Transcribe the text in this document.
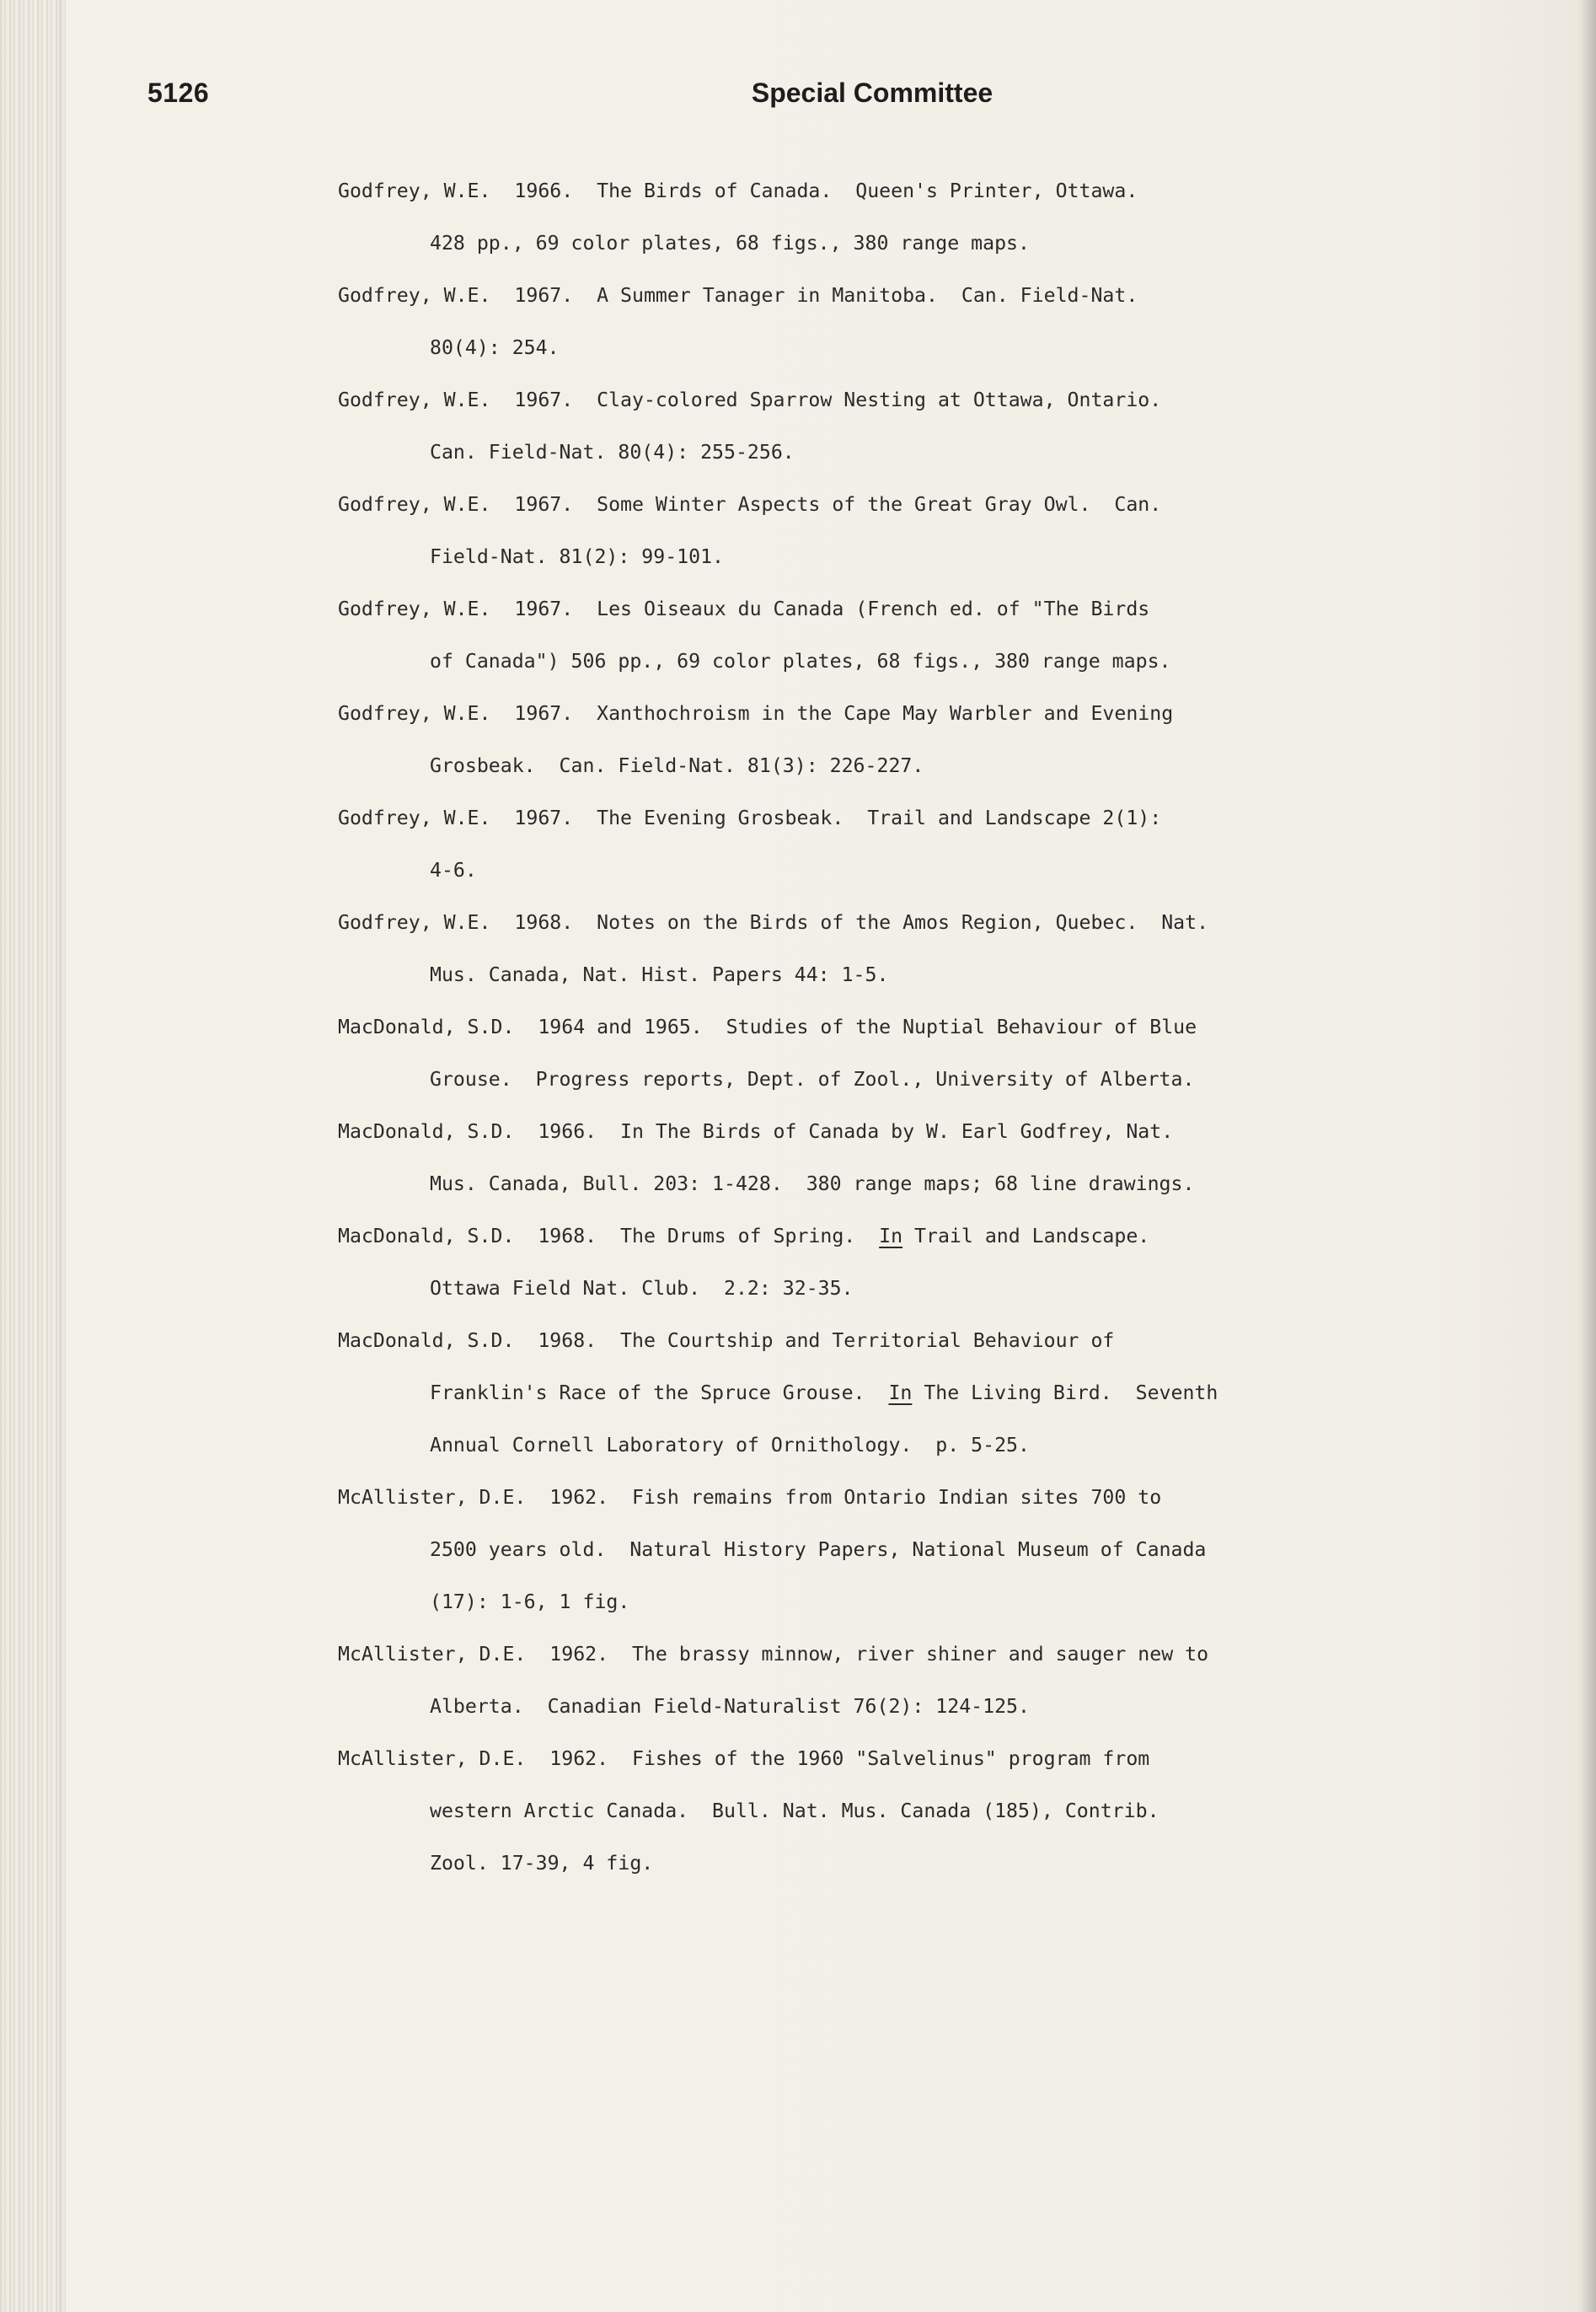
5126	Special Committee
Godfrey, W.E.  1966.  The Birds of Canada.  Queen's Printer, Ottawa.
428 pp., 69 color plates, 68 figs., 380 range maps.
Godfrey, W.E.  1967.  A Summer Tanager in Manitoba.  Can. Field-Nat.
80(4): 254.
Godfrey, W.E.  1967.  Clay-colored Sparrow Nesting at Ottawa, Ontario.
Can. Field-Nat. 80(4): 255-256.
Godfrey, W.E.  1967.  Some Winter Aspects of the Great Gray Owl.  Can.
Field-Nat. 81(2): 99-101.
Godfrey, W.E.  1967.  Les Oiseaux du Canada (French ed. of "The Birds
of Canada") 506 pp., 69 color plates, 68 figs., 380 range maps.
Godfrey, W.E.  1967.  Xanthochroism in the Cape May Warbler and Evening
Grosbeak.  Can. Field-Nat. 81(3): 226-227.
Godfrey, W.E.  1967.  The Evening Grosbeak.  Trail and Landscape 2(1):
4-6.
Godfrey, W.E.  1968.  Notes on the Birds of the Amos Region, Quebec.  Nat.
Mus. Canada, Nat. Hist. Papers 44: 1-5.
MacDonald, S.D.  1964 and 1965.  Studies of the Nuptial Behaviour of Blue
Grouse.  Progress reports, Dept. of Zool., University of Alberta.
MacDonald, S.D.  1966.  In The Birds of Canada by W. Earl Godfrey, Nat.
Mus. Canada, Bull. 203: 1-428.  380 range maps; 68 line drawings.
MacDonald, S.D.  1968.  The Drums of Spring.  In Trail and Landscape.
Ottawa Field Nat. Club.  2.2: 32-35.
MacDonald, S.D.  1968.  The Courtship and Territorial Behaviour of
Franklin's Race of the Spruce Grouse.  In The Living Bird.  Seventh
Annual Cornell Laboratory of Ornithology.  p. 5-25.
McAllister, D.E.  1962.  Fish remains from Ontario Indian sites 700 to
2500 years old.  Natural History Papers, National Museum of Canada
(17): 1-6, 1 fig.
McAllister, D.E.  1962.  The brassy minnow, river shiner and sauger new to
Alberta.  Canadian Field-Naturalist 76(2): 124-125.
McAllister, D.E.  1962.  Fishes of the 1960 "Salvelinus" program from
western Arctic Canada.  Bull. Nat. Mus. Canada (185), Contrib.
Zool. 17-39, 4 fig.
